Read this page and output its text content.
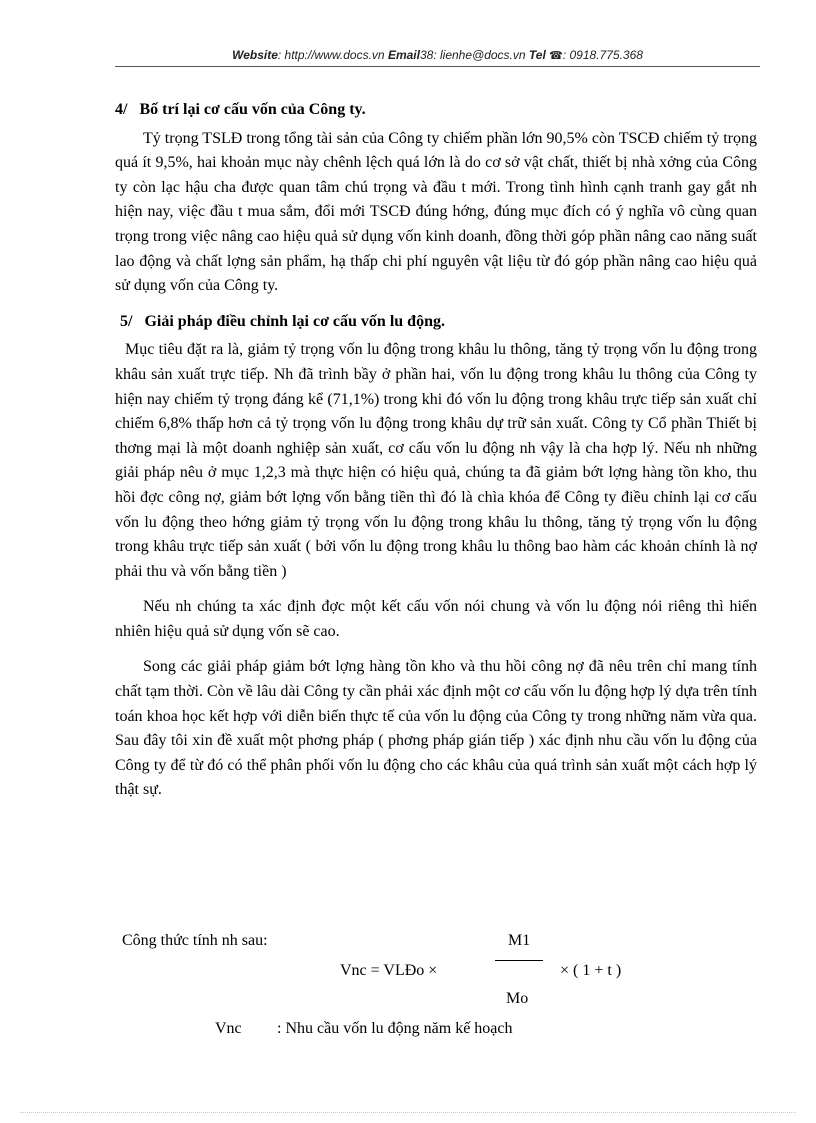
Website: http://www.docs.vn Email38: lienhe@docs.vn Tel ☎: 0918.775.368
4/ Bố trí lại cơ cấu vốn của Công ty.

Tỷ trọng TSLĐ trong tổng tài sản của Công ty chiếm phần lớn 90,5% còn TSCĐ chiếm tỷ trọng quá ít 9,5%, hai khoản mục này chênh lệch quá lớn là do cơ sở vật chất, thiết bị nhà xởng của Công ty còn lạc hậu cha được quan tâm chú trọng và đầu t mới. Trong tình hình cạnh tranh gay gắt nh hiện nay, việc đầu t mua sắm, đổi mới TSCĐ đúng hớng, đúng mục đích có ý nghĩa vô cùng quan trọng trong việc nâng cao hiệu quả sử dụng vốn kinh doanh, đồng thời góp phần nâng cao năng suất lao động và chất lợng sản phẩm, hạ thấp chi phí nguyên vật liệu từ đó góp phần nâng cao hiệu quả sử dụng vốn của Công ty.

5/ Giải pháp điều chỉnh lại cơ cấu vốn lu động.

Mục tiêu đặt ra là, giảm tỷ trọng vốn lu động trong khâu lu thông, tăng tỷ trọng vốn lu động trong khâu sản xuất trực tiếp. Nh đã trình bầy ở phần hai, vốn lu động trong khâu lu thông của Công ty hiện nay chiếm tỷ trọng đáng kể (71,1%) trong khi đó vốn lu động trong khâu trực tiếp sản xuất chỉ chiếm 6,8% thấp hơn cả tỷ trọng vốn lu động trong khâu dự trữ sản xuất. Công ty Cổ phần Thiết bị thơng mại là một doanh nghiệp sản xuất, cơ cấu vốn lu động nh vậy là cha hợp lý. Nếu nh những giải pháp nêu ở mục 1,2,3 mà thực hiện có hiệu quả, chúng ta đã giảm bớt lợng hàng tồn kho, thu hồi đợc công nợ, giảm bớt lợng vốn bằng tiền thì đó là chìa khóa để Công ty điều chỉnh lại cơ cấu vốn lu động theo hớng giảm tỷ trọng vốn lu động trong khâu lu thông, tăng tỷ trọng vốn lu động trong khâu trực tiếp sản xuất ( bởi vốn lu động trong khâu lu thông bao hàm các khoản chính là nợ phải thu và vốn bằng tiền )

Nếu nh chúng ta xác định đợc một kết cấu vốn nói chung và vốn lu động nói riêng thì hiển nhiên hiệu quả sử dụng vốn sẽ cao.

Song các giải pháp giảm bớt lợng hàng tồn kho và thu hồi công nợ đã nêu trên chỉ mang tính chất tạm thời. Còn về lâu dài Công ty cần phải xác định một cơ cấu vốn lu động hợp lý dựa trên tính toán khoa học kết hợp với diễn biến thực tế của vốn lu động của Công ty trong những năm vừa qua. Sau đây tôi xin đề xuất một phơng pháp ( phơng pháp gián tiếp ) xác định nhu cầu vốn lu động của Công ty để từ đó có thể phân phối vốn lu động cho các khâu của quá trình sản xuất một cách hợp lý thật sự.

Công thức tính nh sau:	M1
Mo
Vnc = VLĐo ×	× ( 1 + t )
Vnc : Nhu cầu vốn lu động năm kế hoạch
